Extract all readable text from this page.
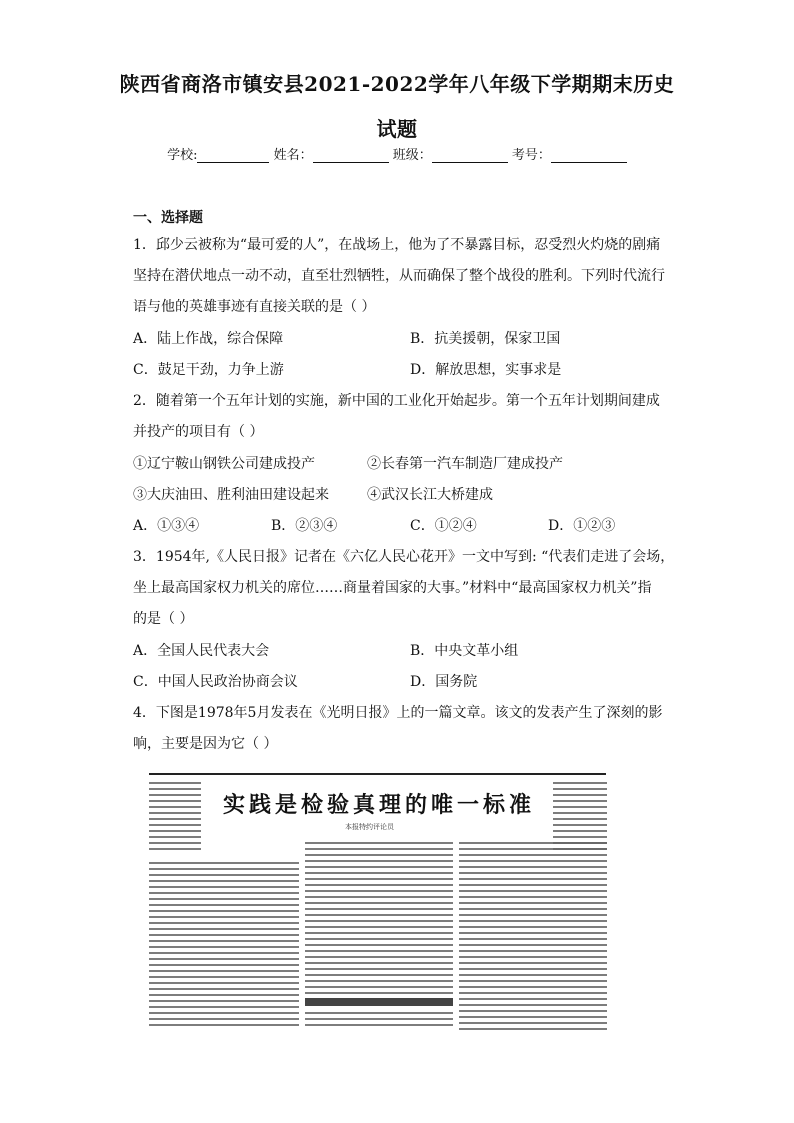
陕西省商洛市镇安县2021-2022学年八年级下学期期末历史
试题
学校:	姓名：	班级：	考号：
一、选择题
1．邱少云被称为“最可爱的人”，在战场上，他为了不暴露目标，忍受烈火灼烧的剧痛
坚持在潜伏地点一动不动，直至壮烈牺牲，从而确保了整个战役的胜利。下列时代流行
语与他的英雄事迹有直接关联的是（ ）
A．陆上作战，综合保障	B．抗美援朝，保家卫国
C．鼓足干劲，力争上游	D．解放思想，实事求是
2．随着第一个五年计划的实施，新中国的工业化开始起步。第一个五年计划期间建成
并投产的项目有（ ）
①辽宁鞍山钢铁公司建成投产	②长春第一汽车制造厂建成投产
③大庆油田、胜利油田建设起来	④武汉长江大桥建成
A．①③④	B．②③④	C．①②④	D．①②③
3．1954年,《人民日报》记者在《六亿人民心花开》一文中写到: “代表们走进了会场，
坐上最高国家权力机关的席位……商量着国家的大事。”材料中“最高国家权力机关”指
的是（ ）
A．全国人民代表大会	B．中央文革小组
C．中国人民政治协商会议	D．国务院
4．下图是1978年5月发表在《光明日报》上的一篇文章。该文的发表产生了深刻的影
响，主要是因为它（ ）
实践是检验真理的唯一标准
本报特约评论员
